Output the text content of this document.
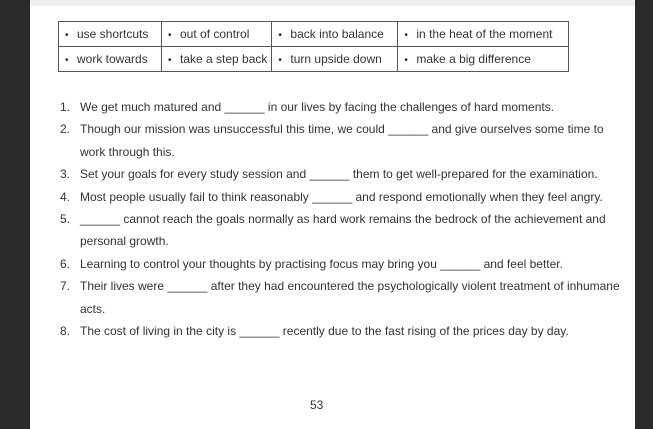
• use shortcuts	• out of control	• back into balance	• in the heat of the moment
• work towards	• take a step back	• turn upside down	• make a big difference
1. We get much matured and ______ in our lives by facing the challenges of hard moments.
2. Though our mission was unsuccessful this time, we could ______ and give ourselves some time to work through this.
3. Set your goals for every study session and ______ them to get well-prepared for the examination.
4. Most people usually fail to think reasonably ______ and respond emotionally when they feel angry.
5. ______ cannot reach the goals normally as hard work remains the bedrock of the achievement and personal growth.
6. Learning to control your thoughts by practising focus may bring you ______ and feel better.
7. Their lives were ______ after they had encountered the psychologically violent treatment of inhumane acts.
8. The cost of living in the city is ______ recently due to the fast rising of the prices day by day.
53
